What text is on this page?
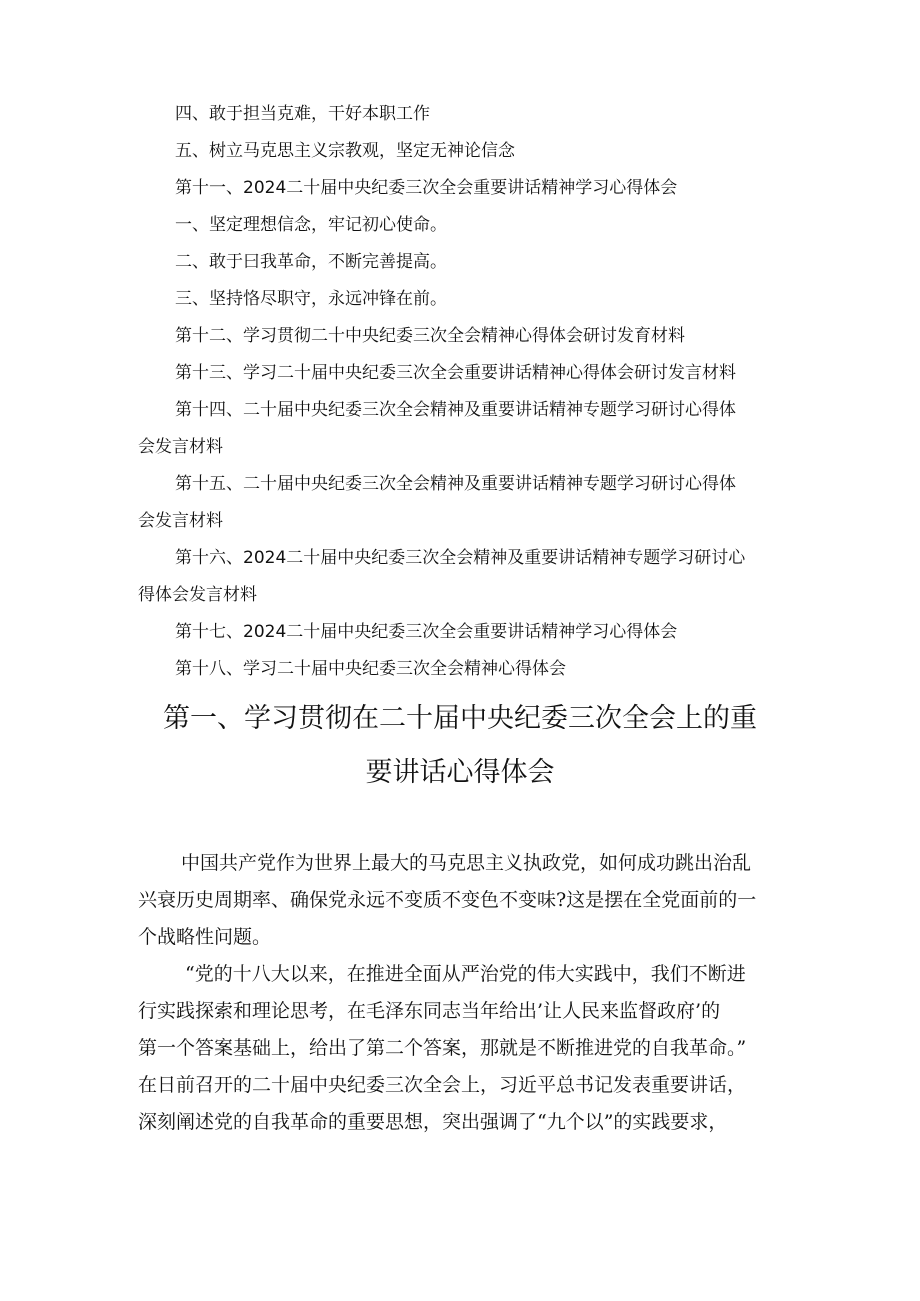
四、敢于担当克难，干好本职工作
五、树立马克思主义宗教观，坚定无神论信念
第十一、2024二十届中央纪委三次全会重要讲话精神学习心得体会
一、坚定理想信念，牢记初心使命。
二、敢于曰我革命，不断完善提高。
三、坚持恪尽职守，永远冲锋在前。
第十二、学习贯彻二十中央纪委三次全会精神心得体会研讨发育材料
第十三、学习二十届中央纪委三次全会重要讲话精神心得体会研讨发言材料
第十四、二十届中央纪委三次全会精神及重要讲话精神专题学习研讨心得体
会发言材料
第十五、二十届中央纪委三次全会精神及重要讲话精神专题学习研讨心得体
会发言材料
第十六、2024二十届中央纪委三次全会精神及重要讲话精神专题学习研讨心
得体会发言材料
第十七、2024二十届中央纪委三次全会重要讲话精神学习心得体会
第十八、学习二十届中央纪委三次全会精神心得体会
第一、学习贯彻在二十届中央纪委三次全会上的重
要讲话心得体会
中国共产党作为世界上最大的马克思主义执政党，如何成功跳出治乱
兴衰历史周期率、确保党永远不变质不变色不变味?这是摆在全党面前的一
个战略性问题。
“党的十八大以来，在推进全面从严治党的伟大实践中，我们不断进
行实践探索和理论思考，在毛泽东同志当年给出’让人民来监督政府’的
第一个答案基础上，给出了第二个答案，那就是不断推进党的自我革命。”
在日前召开的二十届中央纪委三次全会上，习近平总书记发表重要讲话，
深刻阐述党的自我革命的重要思想，突出强调了“九个以”的实践要求，
